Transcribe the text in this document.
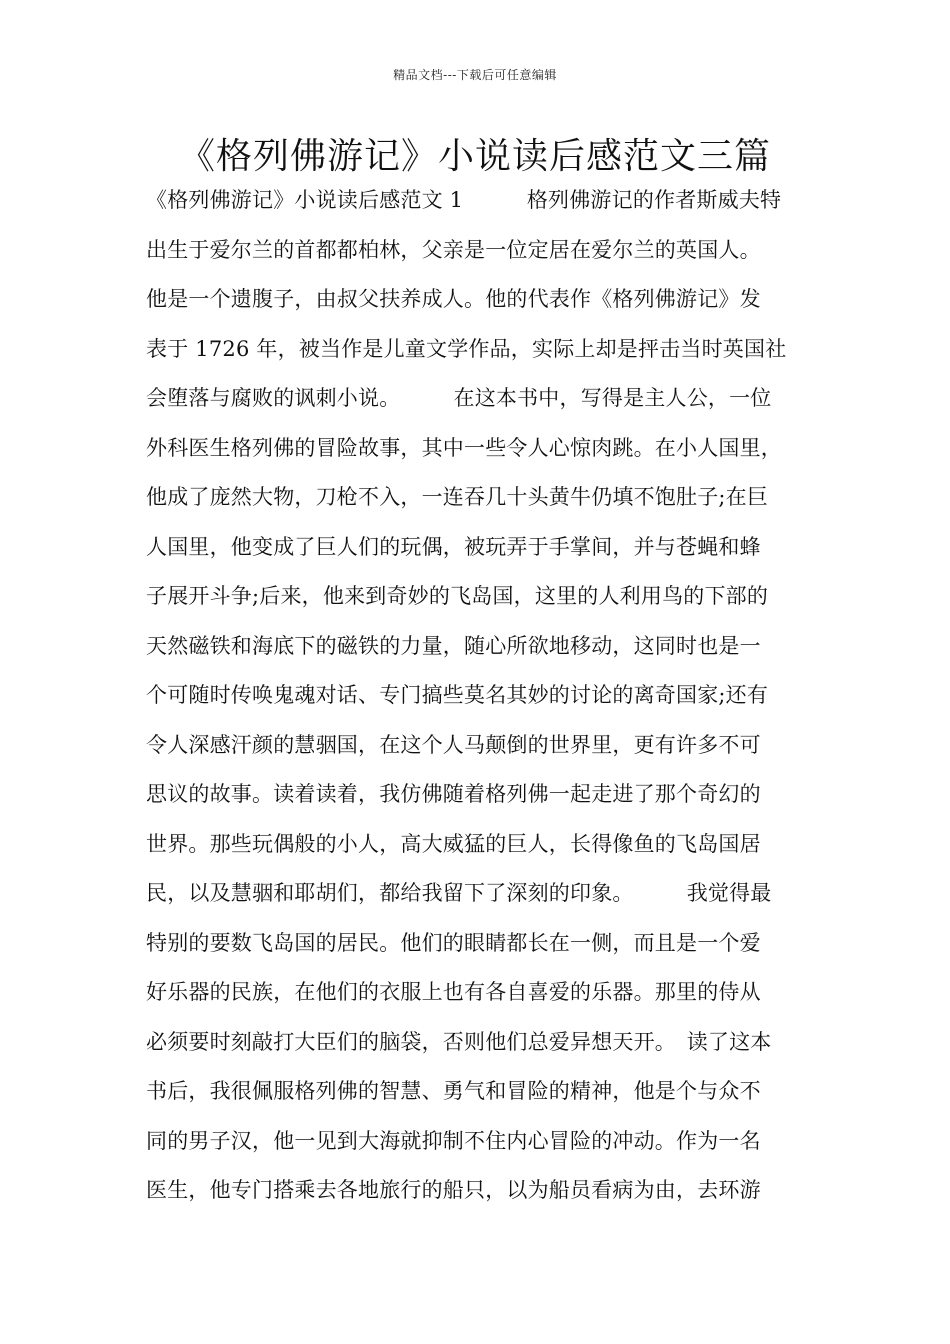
精品文档---下载后可任意编辑
《格列佛游记》小说读后感范文三篇
《格列佛游记》小说读后感范文 1　　　格列佛游记的作者斯威夫特
出生于爱尔兰的首都都柏林，父亲是一位定居在爱尔兰的英国人。
他是一个遗腹子，由叔父扶养成人。他的代表作《格列佛游记》发
表于 1726 年，被当作是儿童文学作品，实际上却是抨击当时英国社
会堕落与腐败的讽刺小说。　　　在这本书中，写得是主人公，一位
外科医生格列佛的冒险故事，其中一些令人心惊肉跳。在小人国里，
他成了庞然大物，刀枪不入，一连吞几十头黄牛仍填不饱肚子;在巨
人国里，他变成了巨人们的玩偶，被玩弄于手掌间，并与苍蝇和蜂
子展开斗争;后来，他来到奇妙的飞岛国，这里的人利用鸟的下部的
天然磁铁和海底下的磁铁的力量，随心所欲地移动，这同时也是一
个可随时传唤鬼魂对话、专门搞些莫名其妙的讨论的离奇国家;还有
令人深感汗颜的慧骃国，在这个人马颠倒的世界里，更有许多不可
思议的故事。读着读着，我仿佛随着格列佛一起走进了那个奇幻的
世界。那些玩偶般的小人，高大威猛的巨人，长得像鱼的飞岛国居
民，以及慧骃和耶胡们，都给我留下了深刻的印象。　　　我觉得最
特别的要数飞岛国的居民。他们的眼睛都长在一侧，而且是一个爱
好乐器的民族，在他们的衣服上也有各自喜爱的乐器。那里的侍从
必须要时刻敲打大臣们的脑袋，否则他们总爱异想天开。　读了这本
书后，我很佩服格列佛的智慧、勇气和冒险的精神，他是个与众不
同的男子汉，他一见到大海就抑制不住内心冒险的冲动。作为一名
医生，他专门搭乘去各地旅行的船只，以为船员看病为由，去环游
